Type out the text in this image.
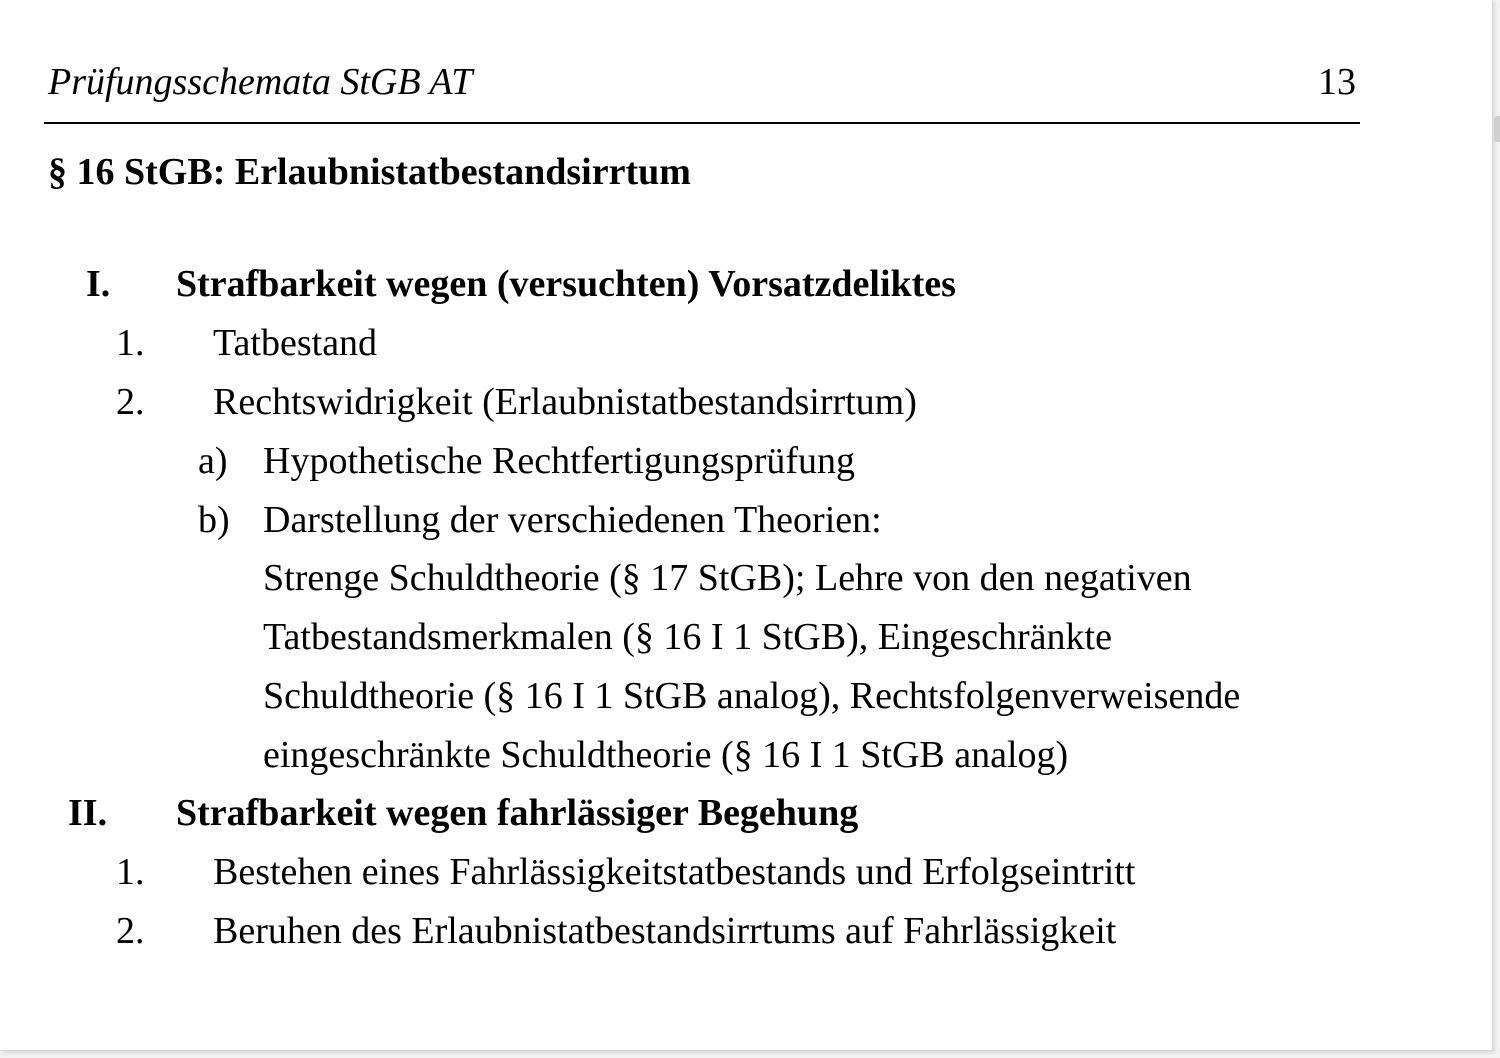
Prüfungsschemata StGB AT	13
§ 16 StGB: Erlaubnistatbestandsirrtum
I. Strafbarkeit wegen (versuchten) Vorsatzdeliktes
1. Tatbestand
2. Rechtswidrigkeit (Erlaubnistatbestandsirrtum)
a) Hypothetische Rechtfertigungsprüfung
b) Darstellung der verschiedenen Theorien:
Strenge Schuldtheorie (§ 17 StGB); Lehre von den negativen
Tatbestandsmerkmalen (§ 16 I 1 StGB), Eingeschränkte
Schuldtheorie (§ 16 I 1 StGB analog), Rechtsfolgenverweisende
eingeschränkte Schuldtheorie (§ 16 I 1 StGB analog)
II. Strafbarkeit wegen fahrlässiger Begehung
1. Bestehen eines Fahrlässigkeitstatbestands und Erfolgseintritt
2. Beruhen des Erlaubnistatbestandsirrtums auf Fahrlässigkeit
